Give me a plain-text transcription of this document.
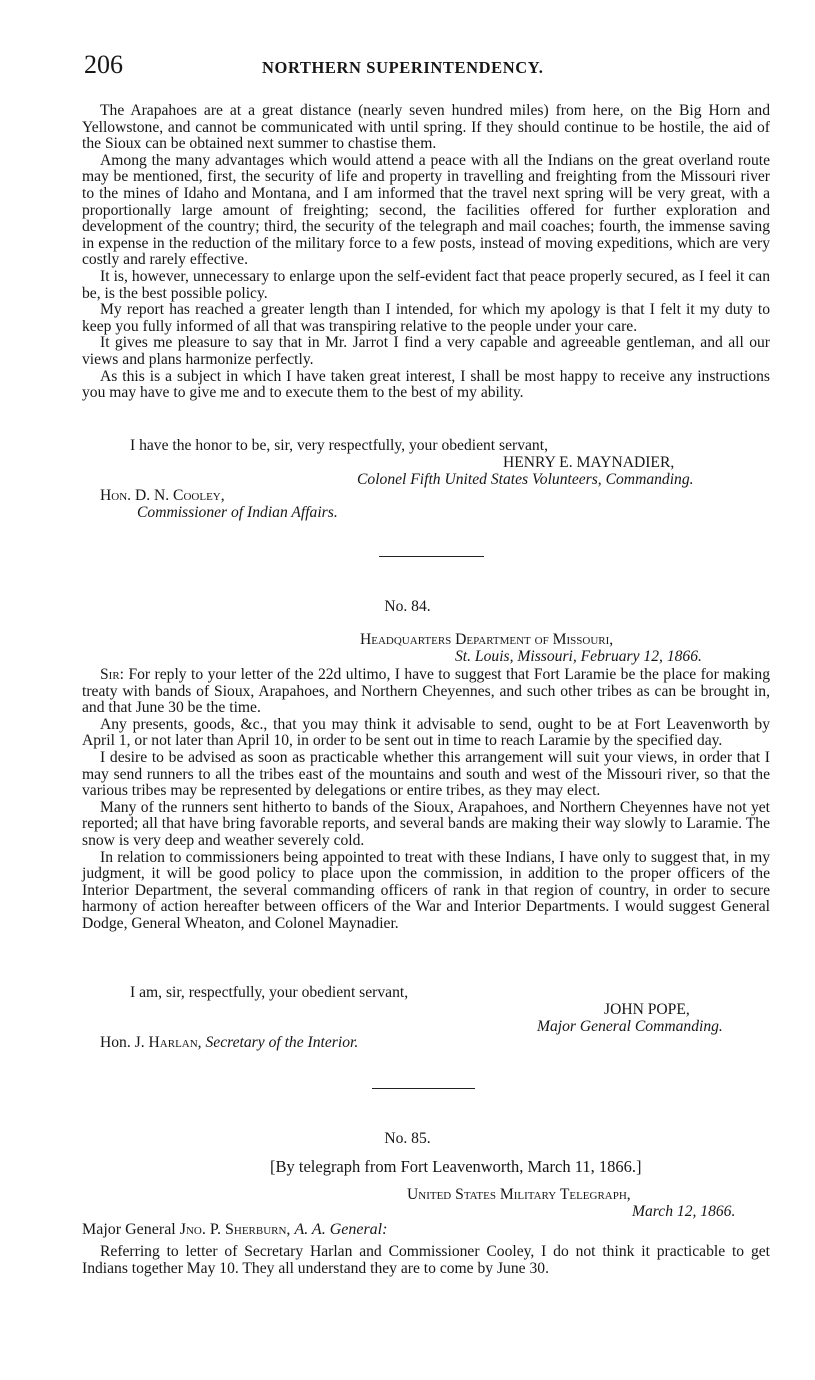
206	NORTHERN SUPERINTENDENCY.

The Arapahoes are at a great distance (nearly seven hundred miles) from here, on the Big Horn and Yellowstone, and cannot be communicated with until spring. If they should continue to be hostile, the aid of the Sioux can be obtained next summer to chastise them.

Among the many advantages which would attend a peace with all the Indians on the great overland route may be mentioned, first, the security of life and property in travelling and freighting from the Missouri river to the mines of Idaho and Montana, and I am informed that the travel next spring will be very great, with a proportionally large amount of freighting; second, the facilities offered for further exploration and development of the country; third, the security of the telegraph and mail coaches; fourth, the immense saving in expense in the reduction of the military force to a few posts, instead of moving expeditions, which are very costly and rarely effective.

It is, however, unnecessary to enlarge upon the self-evident fact that peace properly secured, as I feel it can be, is the best possible policy.

My report has reached a greater length than I intended, for which my apology is that I felt it my duty to keep you fully informed of all that was transpiring relative to the people under your care.

It gives me pleasure to say that in Mr. Jarrot I find a very capable and agreeable gentleman, and all our views and plans harmonize perfectly.

As this is a subject in which I have taken great interest, I shall be most happy to receive any instructions you may have to give me and to execute them to the best of my ability.

I have the honor to be, sir, very respectfully, your obedient servant,
HENRY E. MAYNADIER,
Colonel Fifth United States Volunteers, Commanding.
Hon. D. N. Cooley,
Commissioner of Indian Affairs.
No. 84.
Headquarters Department of Missouri,
St. Louis, Missouri, February 12, 1866.

Sir: For reply to your letter of the 22d ultimo, I have to suggest that Fort Laramie be the place for making treaty with bands of Sioux, Arapahoes, and Northern Cheyennes, and such other tribes as can be brought in, and that June 30 be the time.

Any presents, goods, &c., that you may think it advisable to send, ought to be at Fort Leavenworth by April 1, or not later than April 10, in order to be sent out in time to reach Laramie by the specified day.

I desire to be advised as soon as practicable whether this arrangement will suit your views, in order that I may send runners to all the tribes east of the mountains and south and west of the Missouri river, so that the various tribes may be represented by delegations or entire tribes, as they may elect.

Many of the runners sent hitherto to bands of the Sioux, Arapahoes, and Northern Cheyennes have not yet reported; all that have bring favorable reports, and several bands are making their way slowly to Laramie. The snow is very deep and weather severely cold.

In relation to commissioners being appointed to treat with these Indians, I have only to suggest that, in my judgment, it will be good policy to place upon the commission, in addition to the proper officers of the Interior Department, the several commanding officers of rank in that region of country, in order to secure harmony of action hereafter between officers of the War and Interior Departments. I would suggest General Dodge, General Wheaton, and Colonel Maynadier.

I am, sir, respectfully, your obedient servant,
JOHN POPE,
Major General Commanding.
Hon. J. Harlan, Secretary of the Interior.
No. 85.
[By telegraph from Fort Leavenworth, March 11, 1866.]
United States Military Telegraph,
March 12, 1866.
Major General Jno. P. Sherburn, A. A. General:

Referring to letter of Secretary Harlan and Commissioner Cooley, I do not think it practicable to get Indians together May 10. They all understand they are to come by June 30.
